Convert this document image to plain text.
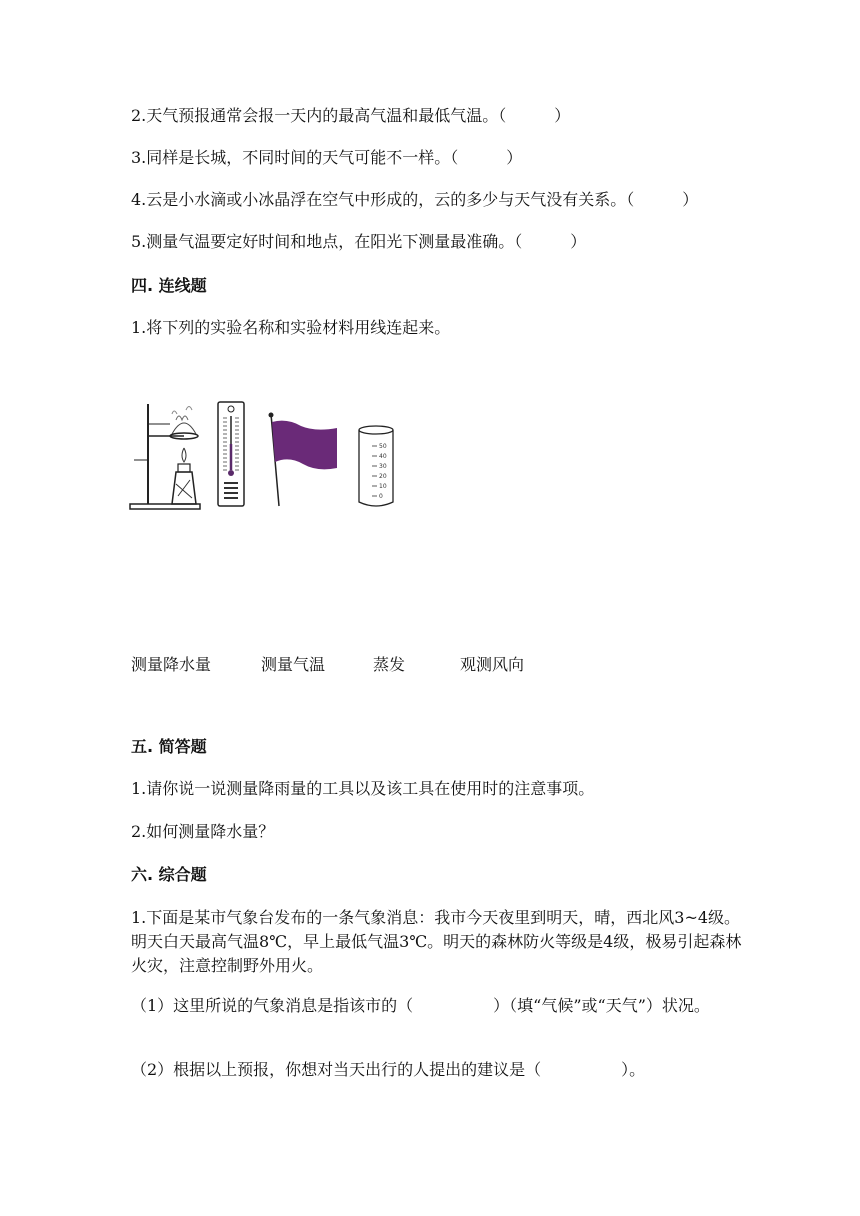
2.天气预报通常会报一天内的最高气温和最低气温。（　　　）
3.同样是长城，不同时间的天气可能不一样。（　　　）
4.云是小水滴或小冰晶浮在空气中形成的，云的多少与天气没有关系。（　　　）
5.测量气温要定好时间和地点，在阳光下测量最准确。（　　　）
四. 连线题
1.将下列的实验名称和实验材料用线连起来。
50
40
30
20
10
0
测量降水量	测量气温	蒸发	观测风向
五. 简答题
1.请你说一说测量降雨量的工具以及该工具在使用时的注意事项。
2.如何测量降水量？
六. 综合题
1.下面是某市气象台发布的一条气象消息：我市今天夜里到明天，晴，西北风3~4级。明天白天最高气温8℃，早上最低气温3℃。明天的森林防火等级是4级，极易引起森林火灾，注意控制野外用火。
（1）这里所说的气象消息是指该市的（　　　　　）（填“气候”或“天气”）状况。
（2）根据以上预报，你想对当天出行的人提出的建议是（　　　　　）。
